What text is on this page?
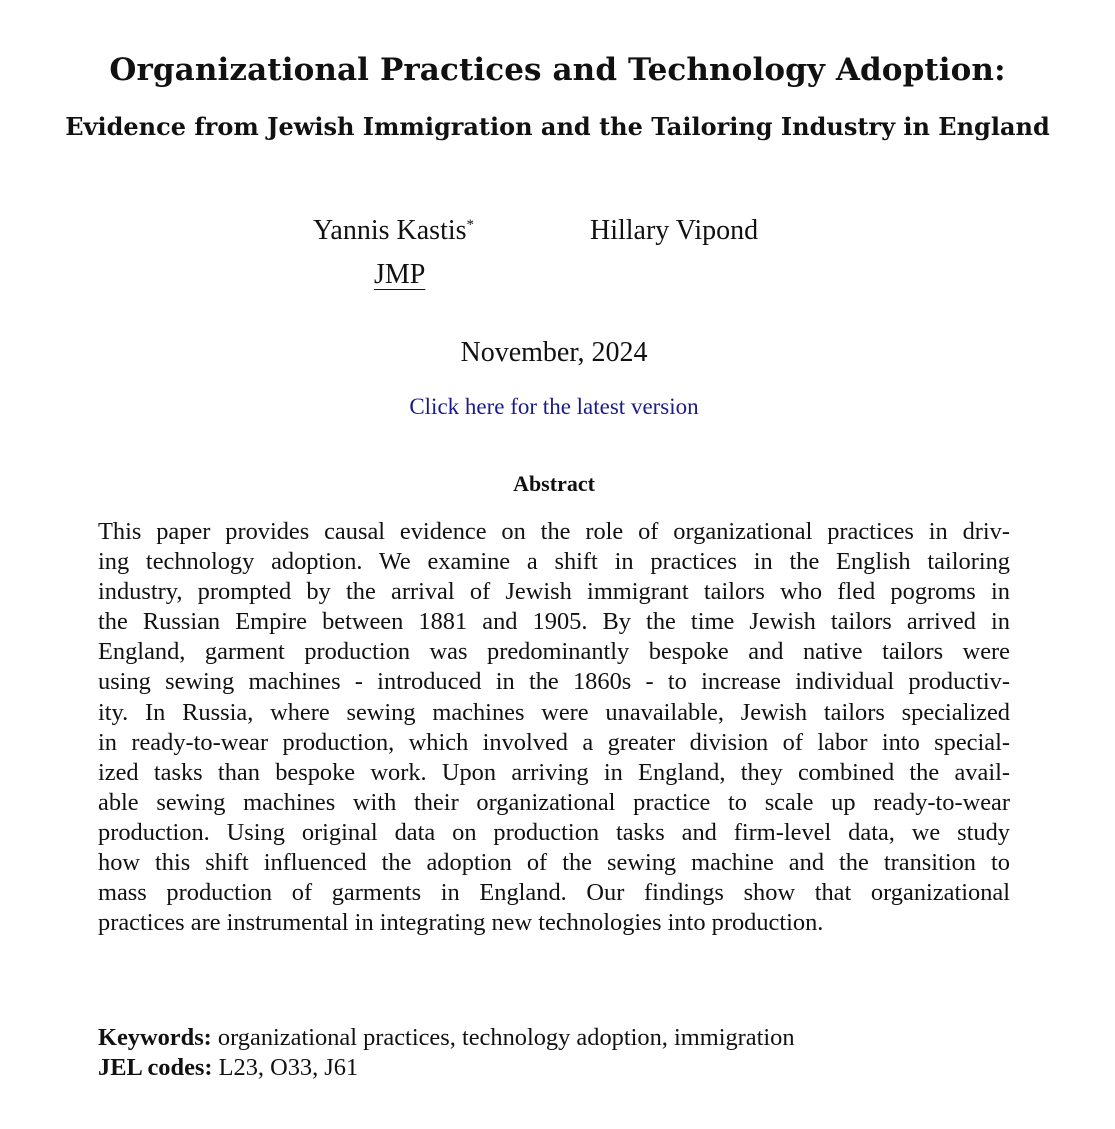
Organizational Practices and Technology Adoption:
Evidence from Jewish Immigration and the Tailoring Industry in England
Yannis Kastis*	Hillary Vipond
JMP
November, 2024
Click here for the latest version
Abstract
This paper provides causal evidence on the role of organizational practices in driv-
ing technology adoption. We examine a shift in practices in the English tailoring
industry, prompted by the arrival of Jewish immigrant tailors who fled pogroms in
the Russian Empire between 1881 and 1905. By the time Jewish tailors arrived in
England, garment production was predominantly bespoke and native tailors were
using sewing machines - introduced in the 1860s - to increase individual productiv-
ity. In Russia, where sewing machines were unavailable, Jewish tailors specialized
in ready-to-wear production, which involved a greater division of labor into special-
ized tasks than bespoke work. Upon arriving in England, they combined the avail-
able sewing machines with their organizational practice to scale up ready-to-wear
production. Using original data on production tasks and firm-level data, we study
how this shift influenced the adoption of the sewing machine and the transition to
mass production of garments in England. Our findings show that organizational
practices are instrumental in integrating new technologies into production.
Keywords: organizational practices, technology adoption, immigration
JEL codes: L23, O33, J61
